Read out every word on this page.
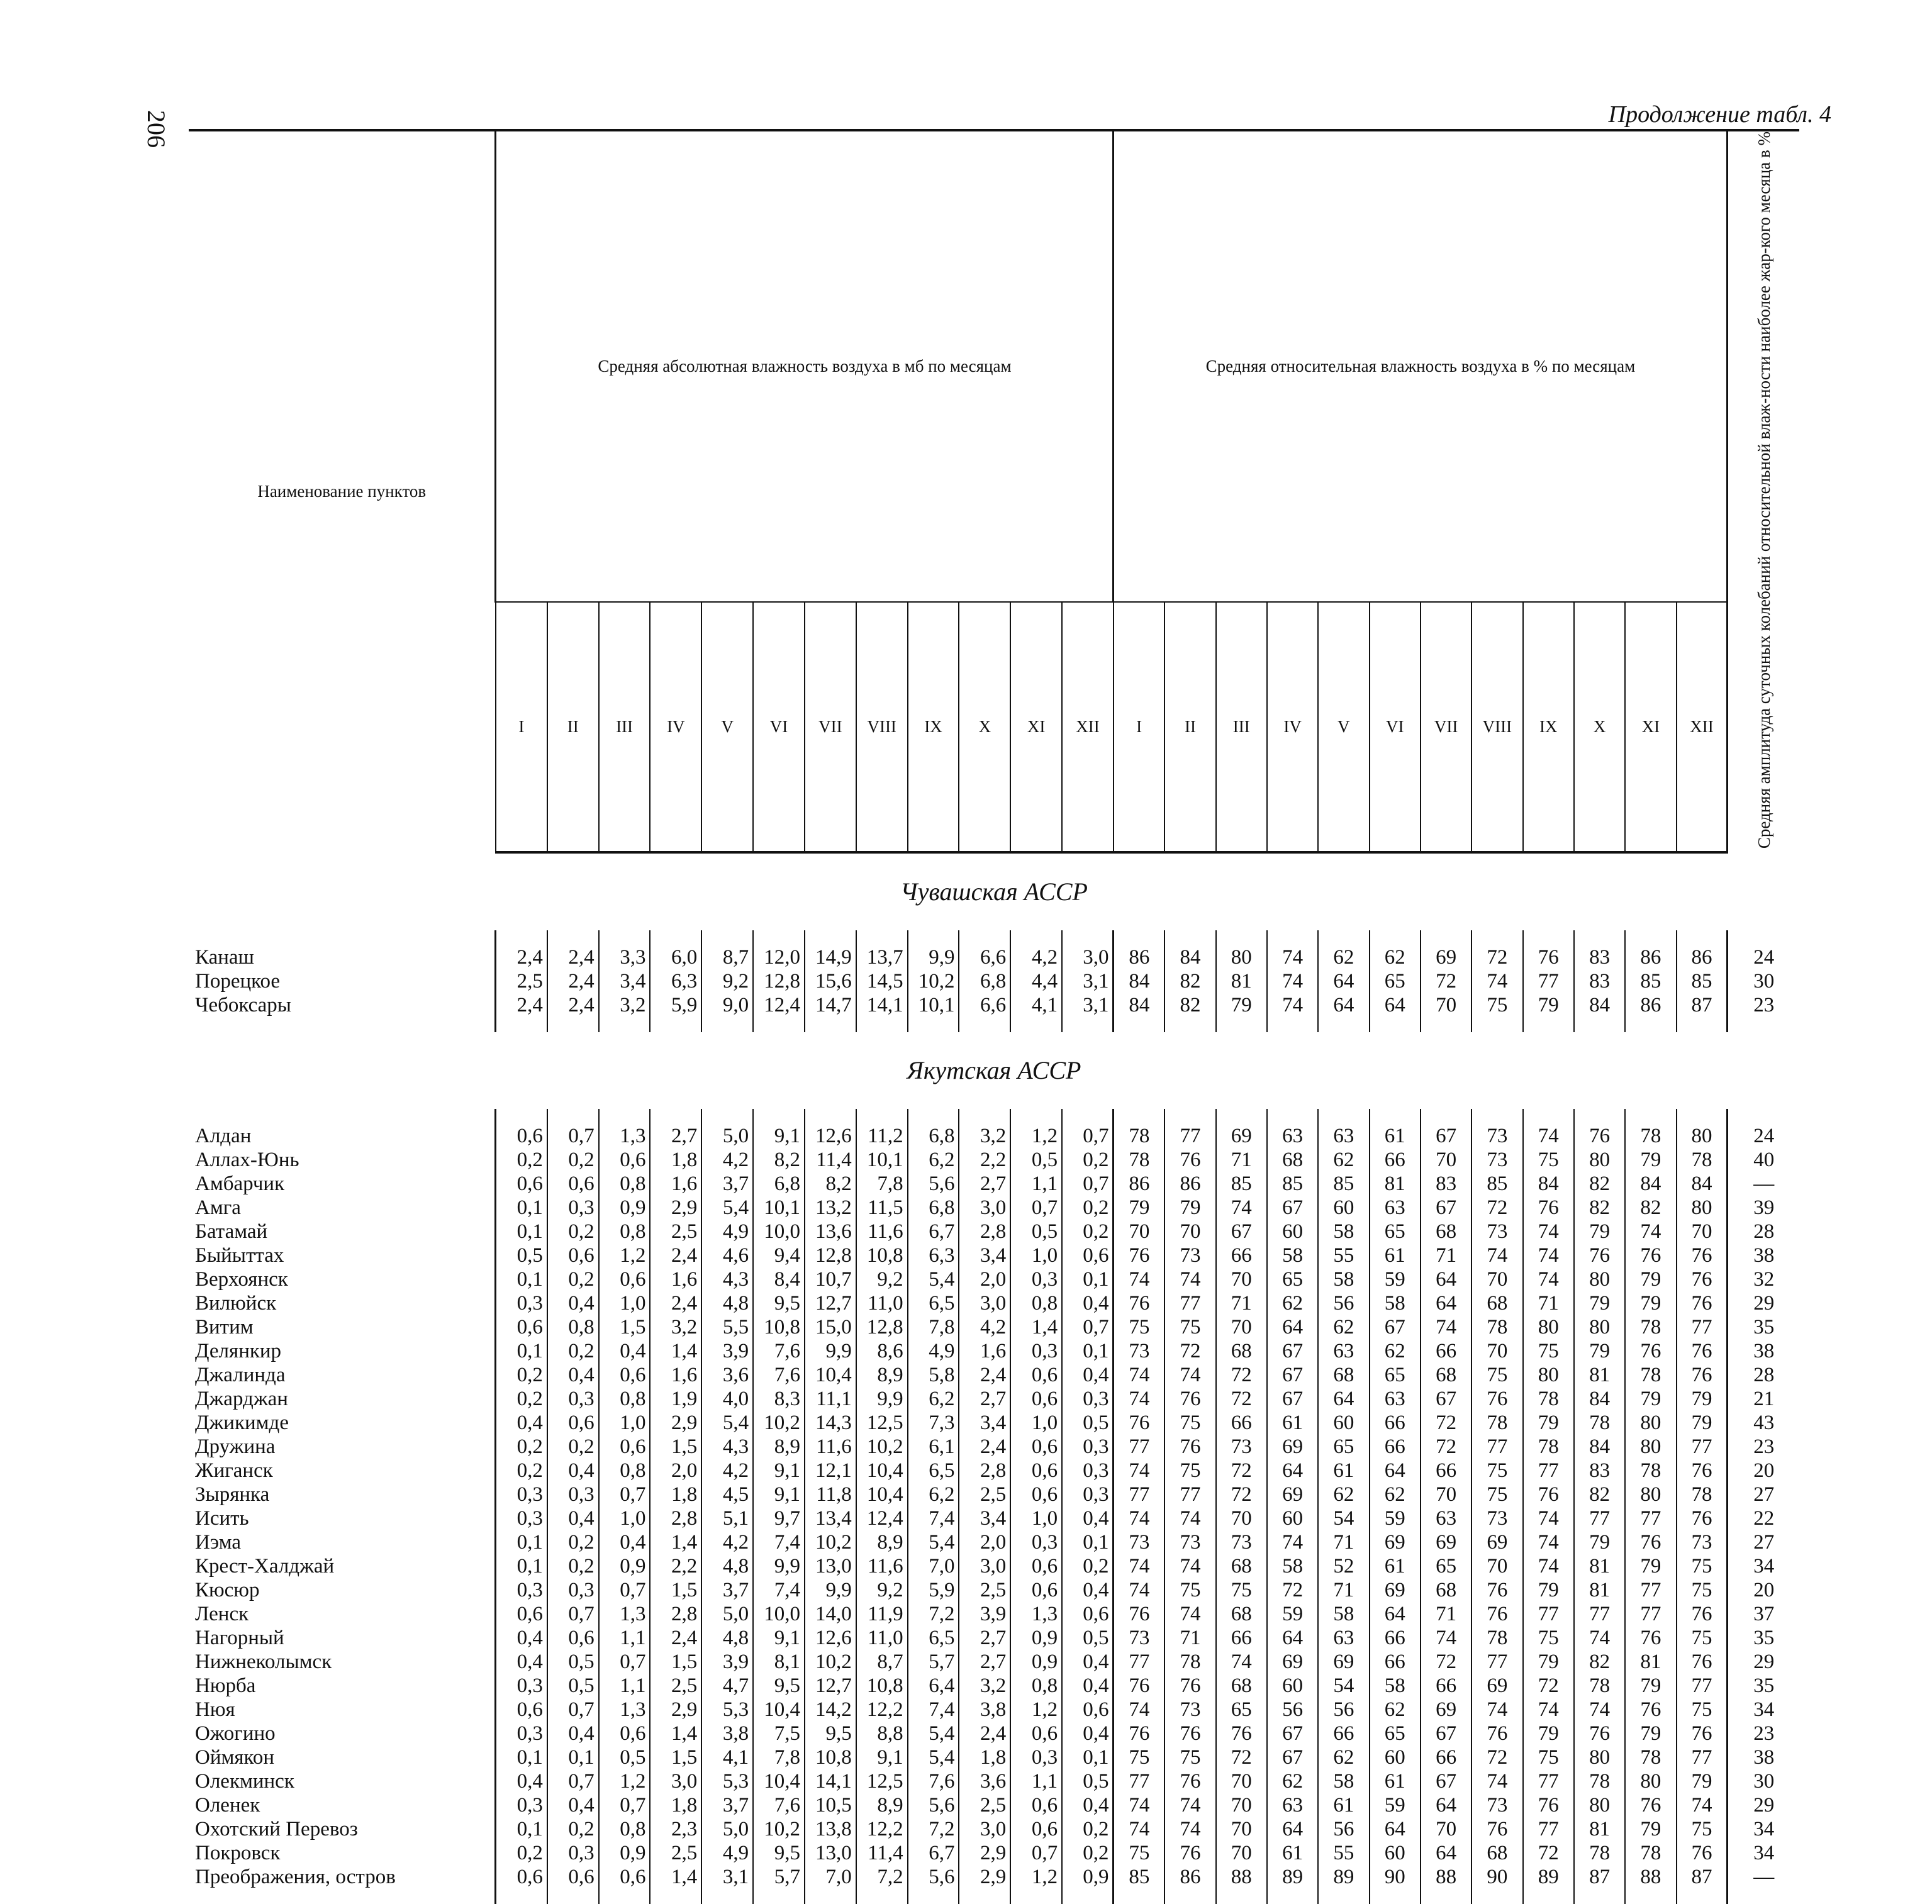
206	Продолжение табл. 4
Наименование пунктов	Средняя абсолютная влажность воздуха в мб по месяцам												Средняя относительная влажность воздуха в % по месяцам												Средняя амплитуда суточных колебаний относительной влаж-ности наиболее жар-кого месяца в %
	I	II	III	IV	V	VI	VII	VIII	IX	X	XI	XII	I	II	III	IV	V	VI	VII	VIII	IX	X	XI	XII	
Чувашская АССР																									

Канаш	2,4	2,4	3,3	6,0	8,7	12,0	14,9	13,7	9,9	6,6	4,2	3,0	86	84	80	74	62	62	69	72	76	83	86	86	24
Порецкое	2,5	2,4	3,4	6,3	9,2	12,8	15,6	14,5	10,2	6,8	4,4	3,1	84	82	81	74	64	65	72	74	77	83	85	85	30
Чебоксары	2,4	2,4	3,2	5,9	9,0	12,4	14,7	14,1	10,1	6,6	4,1	3,1	84	82	79	74	64	64	70	75	79	84	86	87	23

Якутская АССР																									

Алдан	0,6	0,7	1,3	2,7	5,0	9,1	12,6	11,2	6,8	3,2	1,2	0,7	78	77	69	63	63	61	67	73	74	76	78	80	24
Аллах-Юнь	0,2	0,2	0,6	1,8	4,2	8,2	11,4	10,1	6,2	2,2	0,5	0,2	78	76	71	68	62	66	70	73	75	80	79	78	40
Амбарчик	0,6	0,6	0,8	1,6	3,7	6,8	8,2	7,8	5,6	2,7	1,1	0,7	86	86	85	85	85	81	83	85	84	82	84	84	—
Амга	0,1	0,3	0,9	2,9	5,4	10,1	13,2	11,5	6,8	3,0	0,7	0,2	79	79	74	67	60	63	67	72	76	82	82	80	39
Батамай	0,1	0,2	0,8	2,5	4,9	10,0	13,6	11,6	6,7	2,8	0,5	0,2	70	70	67	60	58	65	68	73	74	79	74	70	28
Быйыттах	0,5	0,6	1,2	2,4	4,6	9,4	12,8	10,8	6,3	3,4	1,0	0,6	76	73	66	58	55	61	71	74	74	76	76	76	38
Верхоянск	0,1	0,2	0,6	1,6	4,3	8,4	10,7	9,2	5,4	2,0	0,3	0,1	74	74	70	65	58	59	64	70	74	80	79	76	32
Вилюйск	0,3	0,4	1,0	2,4	4,8	9,5	12,7	11,0	6,5	3,0	0,8	0,4	76	77	71	62	56	58	64	68	71	79	79	76	29
Витим	0,6	0,8	1,5	3,2	5,5	10,8	15,0	12,8	7,8	4,2	1,4	0,7	75	75	70	64	62	67	74	78	80	80	78	77	35
Делянкир	0,1	0,2	0,4	1,4	3,9	7,6	9,9	8,6	4,9	1,6	0,3	0,1	73	72	68	67	63	62	66	70	75	79	76	76	38
Джалинда	0,2	0,4	0,6	1,6	3,6	7,6	10,4	8,9	5,8	2,4	0,6	0,4	74	74	72	67	68	65	68	75	80	81	78	76	28
Джарджан	0,2	0,3	0,8	1,9	4,0	8,3	11,1	9,9	6,2	2,7	0,6	0,3	74	76	72	67	64	63	67	76	78	84	79	79	21
Джикимде	0,4	0,6	1,0	2,9	5,4	10,2	14,3	12,5	7,3	3,4	1,0	0,5	76	75	66	61	60	66	72	78	79	78	80	79	43
Дружина	0,2	0,2	0,6	1,5	4,3	8,9	11,6	10,2	6,1	2,4	0,6	0,3	77	76	73	69	65	66	72	77	78	84	80	77	23
Жиганск	0,2	0,4	0,8	2,0	4,2	9,1	12,1	10,4	6,5	2,8	0,6	0,3	74	75	72	64	61	64	66	75	77	83	78	76	20
Зырянка	0,3	0,3	0,7	1,8	4,5	9,1	11,8	10,4	6,2	2,5	0,6	0,3	77	77	72	69	62	62	70	75	76	82	80	78	27
Исить	0,3	0,4	1,0	2,8	5,1	9,7	13,4	12,4	7,4	3,4	1,0	0,4	74	74	70	60	54	59	63	73	74	77	77	76	22
Иэма	0,1	0,2	0,4	1,4	4,2	7,4	10,2	8,9	5,4	2,0	0,3	0,1	73	73	73	74	71	69	69	69	74	79	76	73	27
Крест-Халджай	0,1	0,2	0,9	2,2	4,8	9,9	13,0	11,6	7,0	3,0	0,6	0,2	74	74	68	58	52	61	65	70	74	81	79	75	34
Кюсюр	0,3	0,3	0,7	1,5	3,7	7,4	9,9	9,2	5,9	2,5	0,6	0,4	74	75	75	72	71	69	68	76	79	81	77	75	20
Ленск	0,6	0,7	1,3	2,8	5,0	10,0	14,0	11,9	7,2	3,9	1,3	0,6	76	74	68	59	58	64	71	76	77	77	77	76	37
Нагорный	0,4	0,6	1,1	2,4	4,8	9,1	12,6	11,0	6,5	2,7	0,9	0,5	73	71	66	64	63	66	74	78	75	74	76	75	35
Нижнеколымск	0,4	0,5	0,7	1,5	3,9	8,1	10,2	8,7	5,7	2,7	0,9	0,4	77	78	74	69	69	66	72	77	79	82	81	76	29
Нюрба	0,3	0,5	1,1	2,5	4,7	9,5	12,7	10,8	6,4	3,2	0,8	0,4	76	76	68	60	54	58	66	69	72	78	79	77	35
Нюя	0,6	0,7	1,3	2,9	5,3	10,4	14,2	12,2	7,4	3,8	1,2	0,6	74	73	65	56	56	62	69	74	74	74	76	75	34
Ожогино	0,3	0,4	0,6	1,4	3,8	7,5	9,5	8,8	5,4	2,4	0,6	0,4	76	76	76	67	66	65	67	76	79	76	79	76	23
Оймякон	0,1	0,1	0,5	1,5	4,1	7,8	10,8	9,1	5,4	1,8	0,3	0,1	75	75	72	67	62	60	66	72	75	80	78	77	38
Олекминск	0,4	0,7	1,2	3,0	5,3	10,4	14,1	12,5	7,6	3,6	1,1	0,5	77	76	70	62	58	61	67	74	77	78	80	79	30
Оленек	0,3	0,4	0,7	1,8	3,7	7,6	10,5	8,9	5,6	2,5	0,6	0,4	74	74	70	63	61	59	64	73	76	80	76	74	29
Охотский Перевоз	0,1	0,2	0,8	2,3	5,0	10,2	13,8	12,2	7,2	3,0	0,6	0,2	74	74	70	64	56	64	70	76	77	81	79	75	34
Покровск	0,2	0,3	0,9	2,5	4,9	9,5	13,0	11,4	6,7	2,9	0,7	0,2	75	76	70	61	55	60	64	68	72	78	78	76	34
Преображения, остров	0,6	0,6	0,6	1,4	3,1	5,7	7,0	7,2	5,6	2,9	1,2	0,9	85	86	88	89	89	90	88	90	89	87	88	87	—
